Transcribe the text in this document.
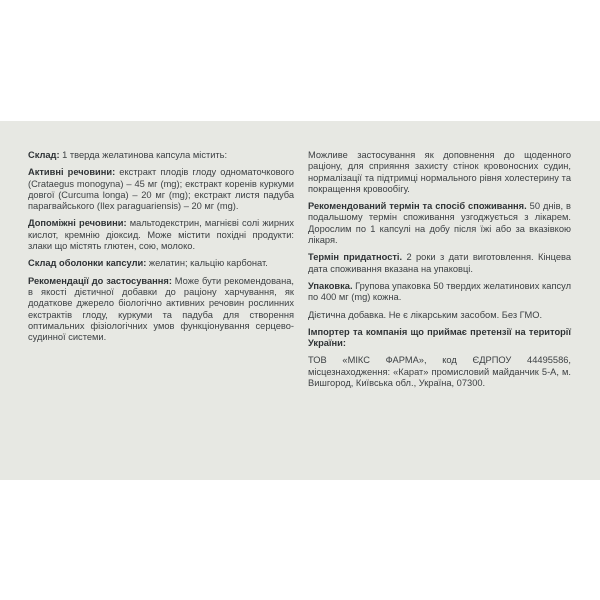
Склад: 1 тверда желатинова капсула містить:

Активні речовини: екстракт плодів глоду одноматочкового (Crataegus monogyna) – 45 мг (mg); екстракт коренів куркуми довгої (Curcuma longa) – 20 мг (mg); екстракт листя падуба парагвайського (Ilex paraguariensis) – 20 мг (mg).

Допоміжні речовини: мальтодекстрин, магнієві солі жирних кислот, кремнію діоксид. Може містити похідні продукти: злаки що містять глютен, сою, молоко.

Склад оболонки капсули: желатин; кальцію карбонат.

Рекомендації до застосування: Може бути рекомендована, в якості дієтичної добавки до раціону харчування, як додаткове джерело біологічно активних речовин рослинних екстрактів глоду, куркуми та падуба для створення оптимальних фізіологічних умов функціонування серцево-судинної системи.

Можливе застосування як доповнення до щоденного раціону, для сприяння захисту стінок кровоносних судин, нормалізації та підтримці нормального рівня холестерину та покращення кровообігу.

Рекомендований термін та спосіб споживання. 50 днів, в подальшому термін споживання узгоджується з лікарем. Дорослим по 1 капсулі на добу після їжі або за вказівкою лікаря.

Термін придатності. 2 роки з дати виготовлення. Кінцева дата споживання вказана на упаковці.

Упаковка. Групова упаковка 50 твердих желатинових капсул по 400 мг (mg) кожна.

Дієтична добавка. Не є лікарським засобом. Без ГМО.

Імпортер та компанія що приймає претензії на території України:

ТОВ «МІКС ФАРМА», код ЄДРПОУ 44495586, місцезнаходження: «Карат» промисловий майданчик 5-А, м. Вишгород, Київська обл., Україна, 07300.
